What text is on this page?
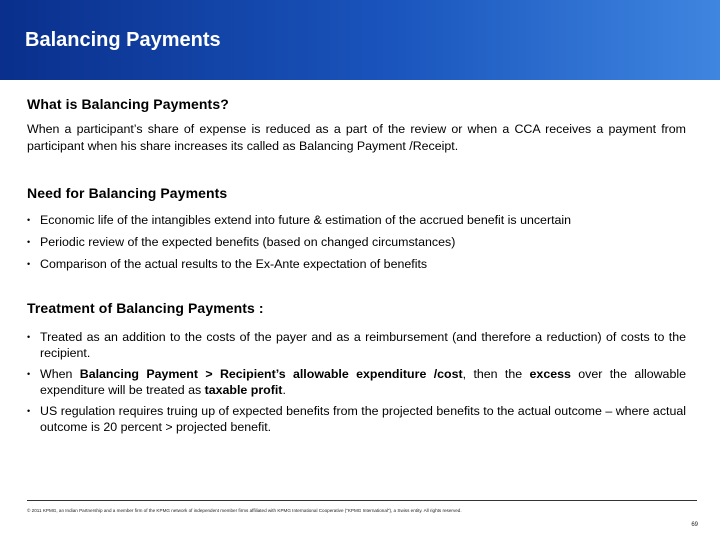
Balancing Payments
What is Balancing Payments?
When a participant’s share of expense is reduced as a part of the review or when a CCA receives a payment from participant when his share increases its called as Balancing Payment /Receipt.
Need for Balancing Payments
• Economic life of the intangibles extend into future & estimation of the accrued benefit is uncertain
• Periodic review of the expected benefits (based on changed circumstances)
• Comparison of the actual results to the Ex-Ante expectation of benefits
Treatment of Balancing Payments :
• Treated as an addition to the costs of the payer and as a reimbursement (and therefore a reduction) of costs to the recipient.
• When Balancing Payment > Recipient’s allowable expenditure /cost, then the excess over the allowable expenditure will be treated as taxable profit.
• US regulation requires truing up of expected benefits from the projected benefits to the actual outcome – where actual outcome is 20 percent > projected benefit.
© 2011 KPMG, an Indian Partnership and a member firm of the KPMG network of independent member firms affiliated with KPMG International Cooperative (“KPMG International”), a Swiss entity. All rights reserved.
69
